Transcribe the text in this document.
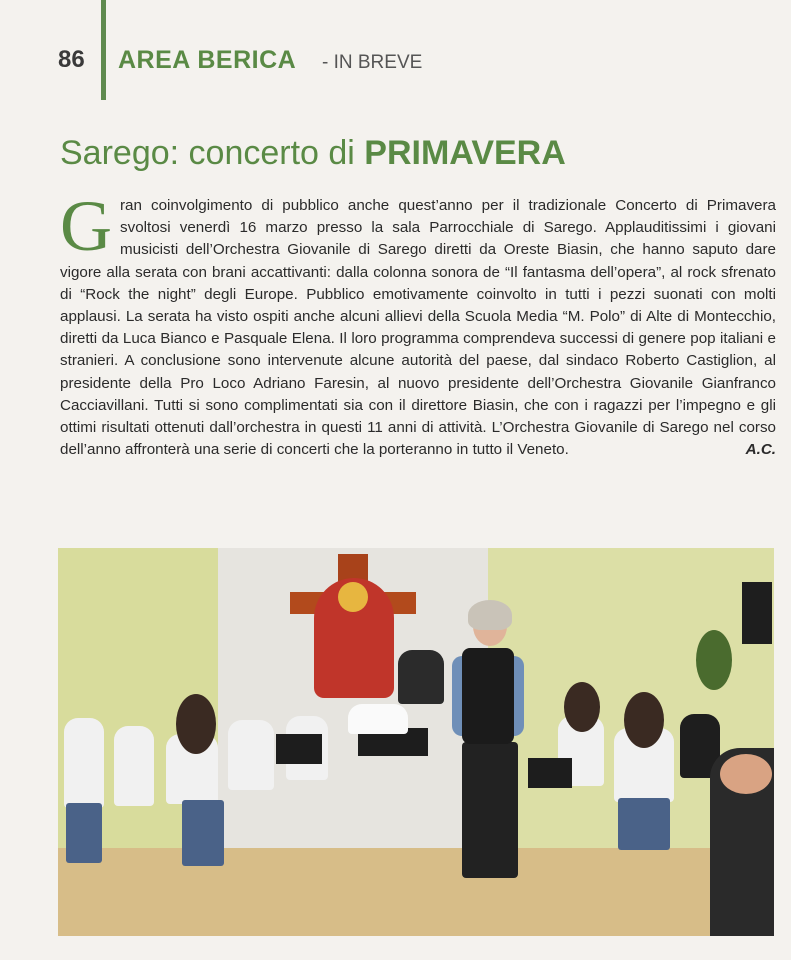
86 AREA BERICA - IN BREVE
Sarego: concerto di PRIMAVERA
Gran coinvolgimento di pubblico anche quest’anno per il tradizionale Concerto di Primavera svoltosi venerdì 16 marzo presso la sala Parrocchiale di Sarego. Applauditissimi i giovani musicisti dell’Orchestra Giovanile di Sarego diretti da Oreste Biasin, che hanno saputo dare vigore alla serata con brani accattivanti: dalla colonna sonora de “Il fantasma dell’opera”, al rock sfrenato di “Rock the night” degli Europe. Pubblico emotivamente coinvolto in tutti i pezzi suonati con molti applausi. La serata ha visto ospiti anche alcuni allievi della Scuola Media “M. Polo” di Alte di Montecchio, diretti da Luca Bianco e Pasquale Elena. Il loro programma comprendeva successi di genere pop italiani e stranieri. A conclusione sono intervenute alcune autorità del paese, dal sindaco Roberto Castiglion, al presidente della Pro Loco Adriano Faresin, al nuovo presidente dell’Orchestra Giovanile Gianfranco Cacciavillani. Tutti si sono complimentati sia con il direttore Biasin, che con i ragazzi per l’impegno e gli ottimi risultati ottenuti dall’orchestra in questi 11 anni di attività. L’Orchestra Giovanile di Sarego nel corso dell’anno affronterà una serie di concerti che la porteranno in tutto il Veneto.	A.C.
